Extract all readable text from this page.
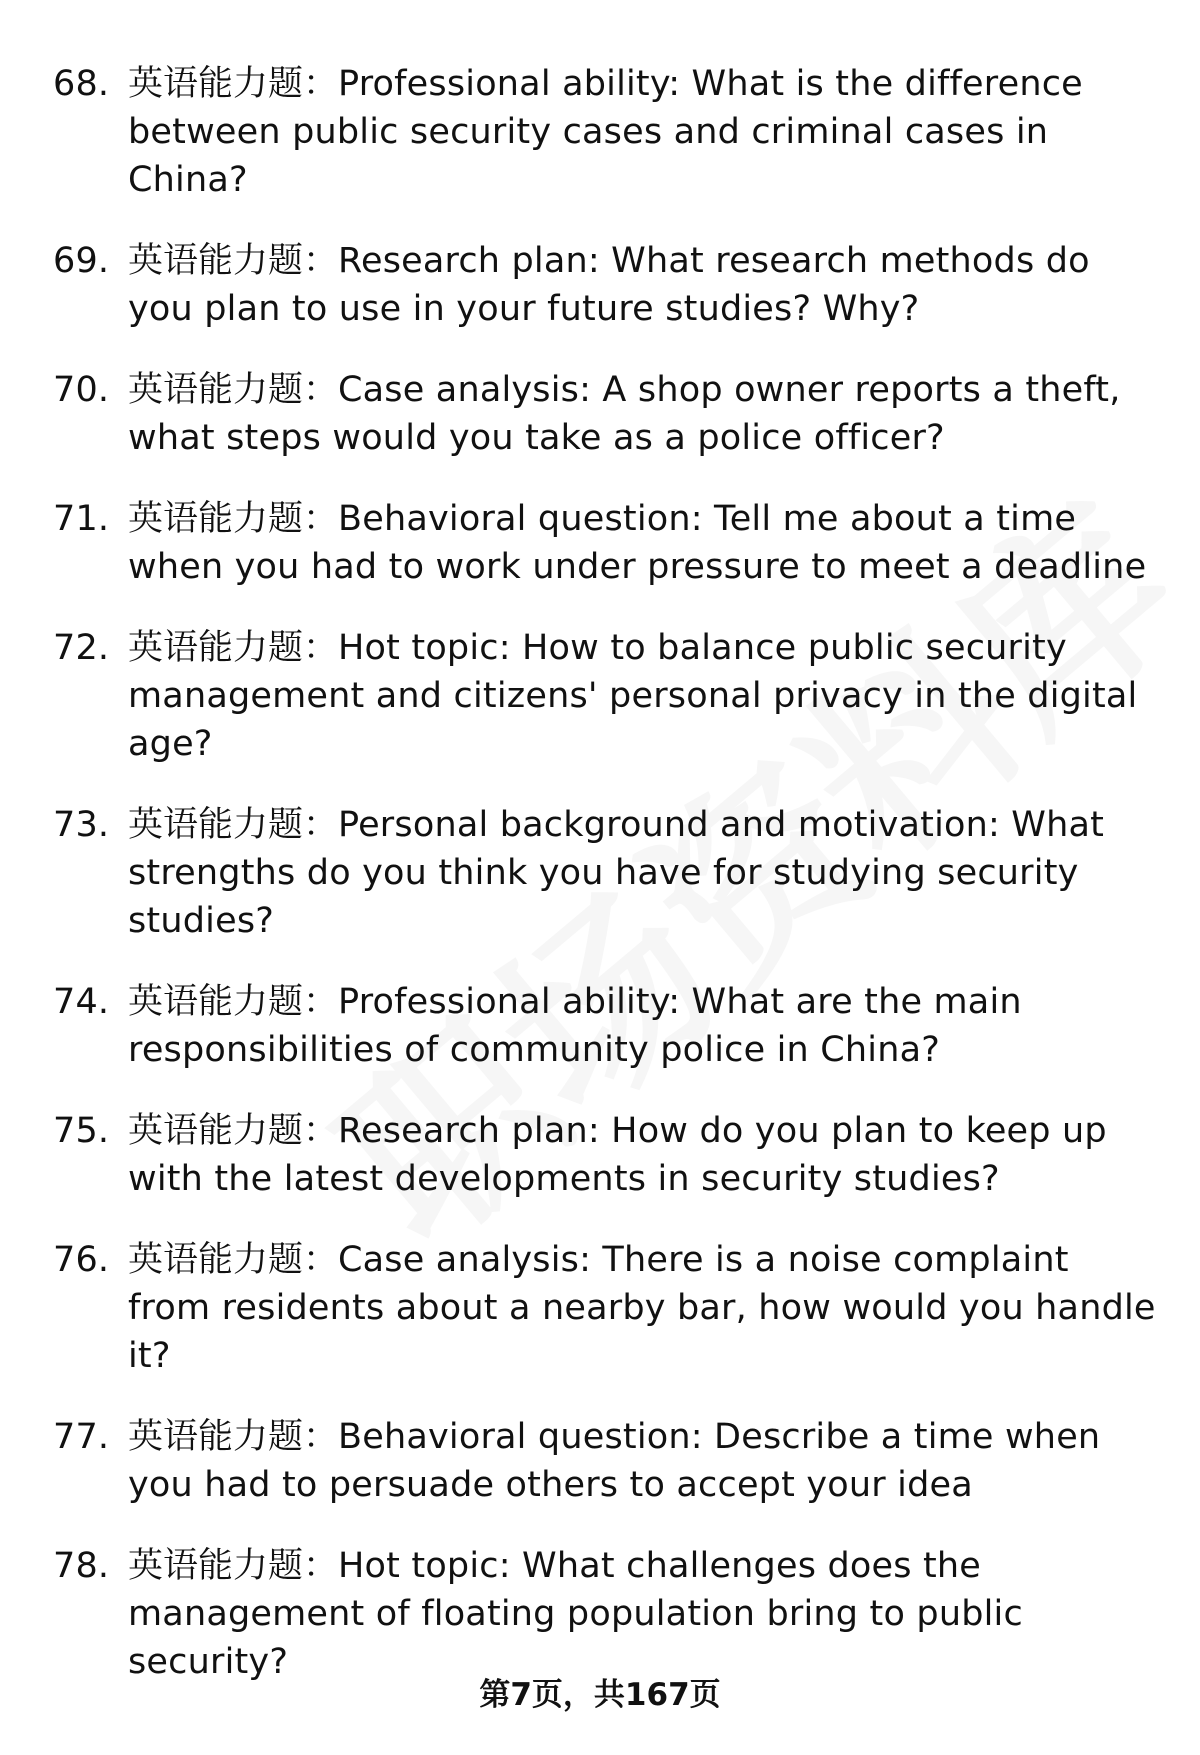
68. 英语能力题：Professional ability: What is the difference between public security cases and criminal cases in China?
69. 英语能力题：Research plan: What research methods do you plan to use in your future studies? Why?
70. 英语能力题：Case analysis: A shop owner reports a theft, what steps would you take as a police officer?
71. 英语能力题：Behavioral question: Tell me about a time when you had to work under pressure to meet a deadline
72. 英语能力题：Hot topic: How to balance public security management and citizens' personal privacy in the digital age?
73. 英语能力题：Personal background and motivation: What strengths do you think you have for studying security studies?
74. 英语能力题：Professional ability: What are the main responsibilities of community police in China?
75. 英语能力题：Research plan: How do you plan to keep up with the latest developments in security studies?
76. 英语能力题：Case analysis: There is a noise complaint from residents about a nearby bar, how would you handle it?
77. 英语能力题：Behavioral question: Describe a time when you had to persuade others to accept your idea
78. 英语能力题：Hot topic: What challenges does the management of floating population bring to public security?
第7页，共167页
